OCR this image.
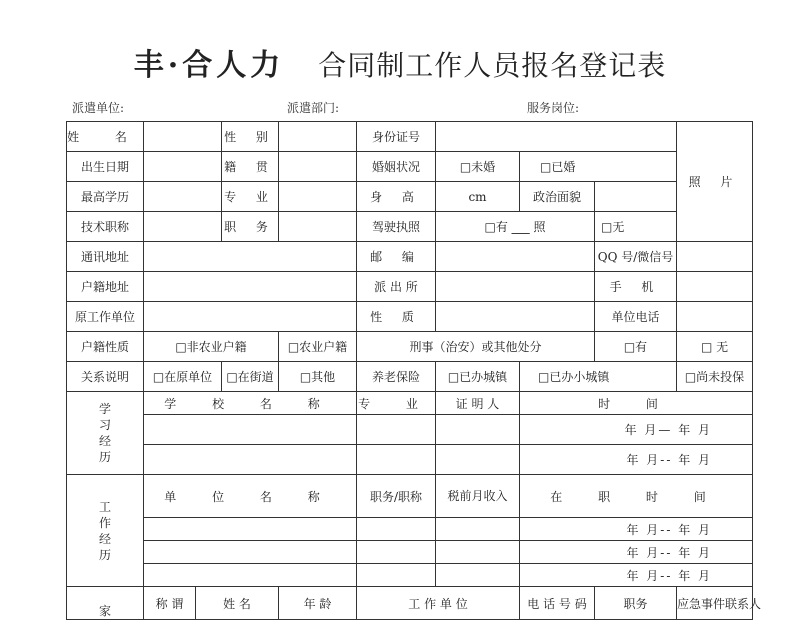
丰·合人力 合同制工作人员报名登记表
派遣单位:	派遣部门:	服务岗位:
姓 名			性 别		身份证号				照 片
出生日期			籍 贯		婚姻状况	□未婚	□已婚		
最高学历			专 业		身 高	cm	政治面貌		
技术职称			职 务		驾驶执照	□有 ___ 照		□无	
通讯地址					邮 编			QQ 号/微信号	
户籍地址					派 出 所			手 机	
原工作单位					性 质			单位电话	
户籍性质	□非农业户籍			□农业户籍	刑事（治安）或其他处分			□有	□ 无
关系说明	□在原单位		□在街道	□其他	养老保险	□已办城镇	□已办小城镇		□尚未投保
学习经历	学 校 名 称				专 业	证 明 人	时 间		
							年 月— 年 月		
							年 月-- 年 月		
工作经历	单 位 名 称				职务/职称	税前月收入	在 职 时 间		
							年 月-- 年 月		
							年 月-- 年 月		
							年 月-- 年 月		
家	称 谓	姓 名		年 龄	工 作 单 位		电 话 号 码	职务	应急事件联系人
